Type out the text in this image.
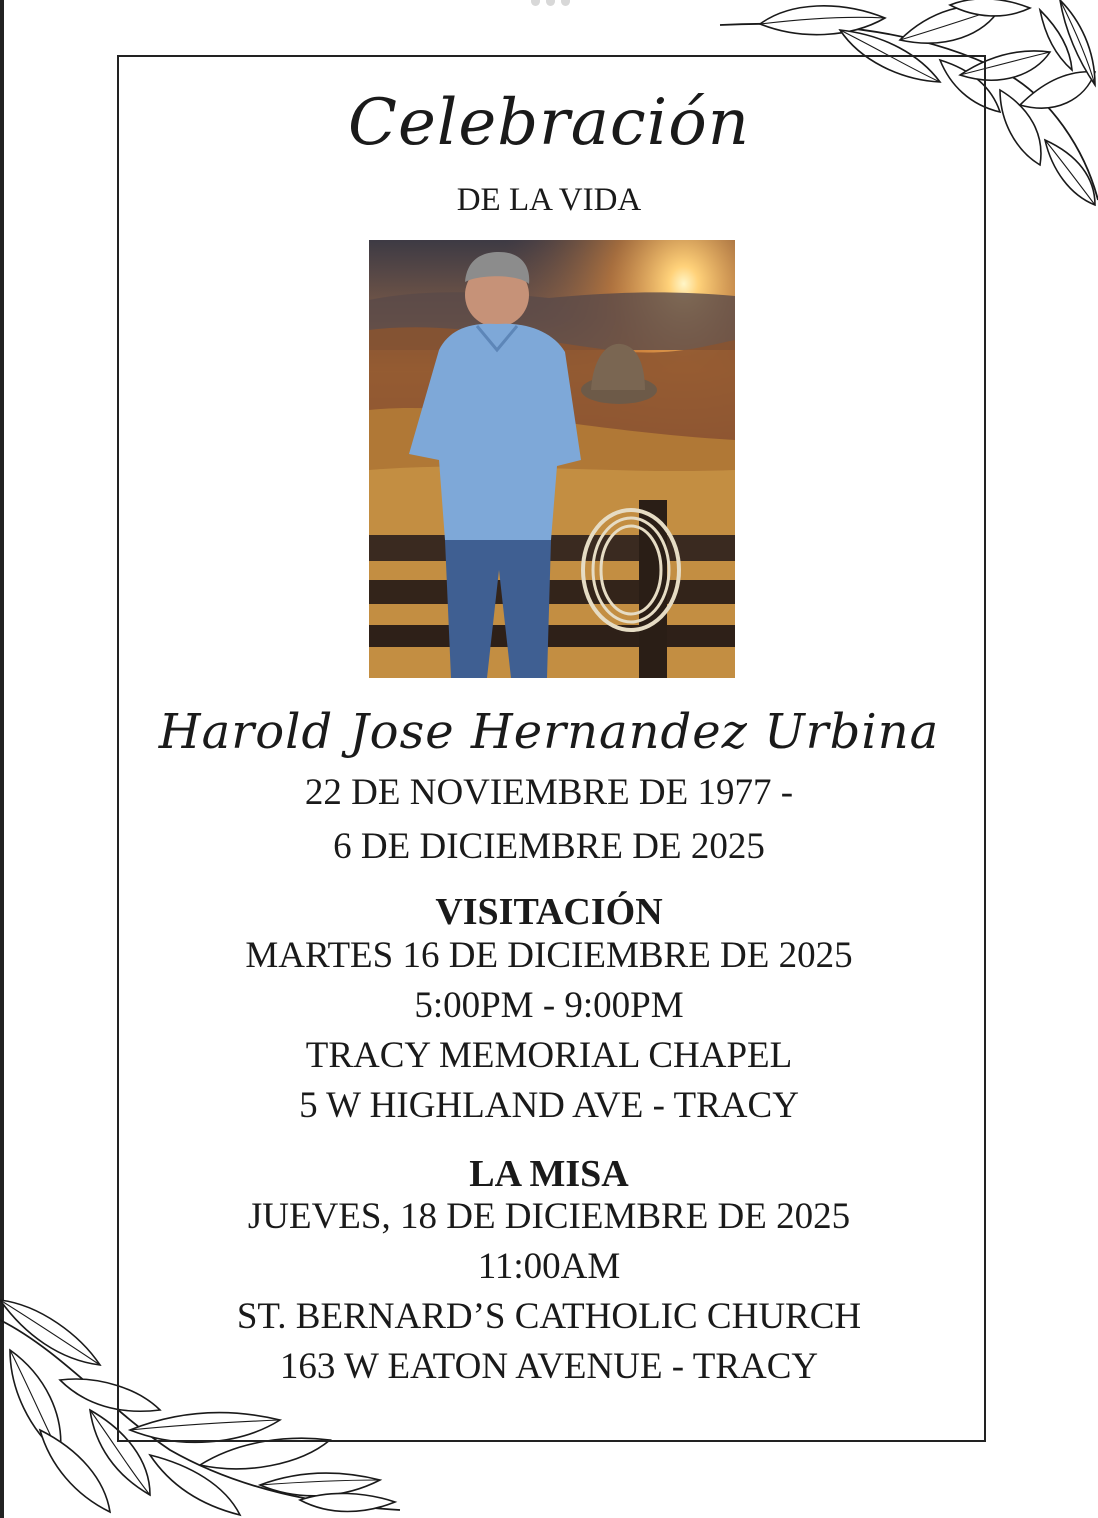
Celebración
DE LA VIDA
Harold Jose Hernandez Urbina
22 DE NOVIEMBRE DE 1977 -
6 DE DICIEMBRE DE 2025
VISITACIÓN
MARTES 16 DE DICIEMBRE DE 2025
5:00PM - 9:00PM
TRACY MEMORIAL CHAPEL
5 W HIGHLAND AVE - TRACY
LA MISA
JUEVES, 18 DE DICIEMBRE DE 2025
11:00AM
ST. BERNARD’S CATHOLIC CHURCH
163 W EATON AVENUE - TRACY
